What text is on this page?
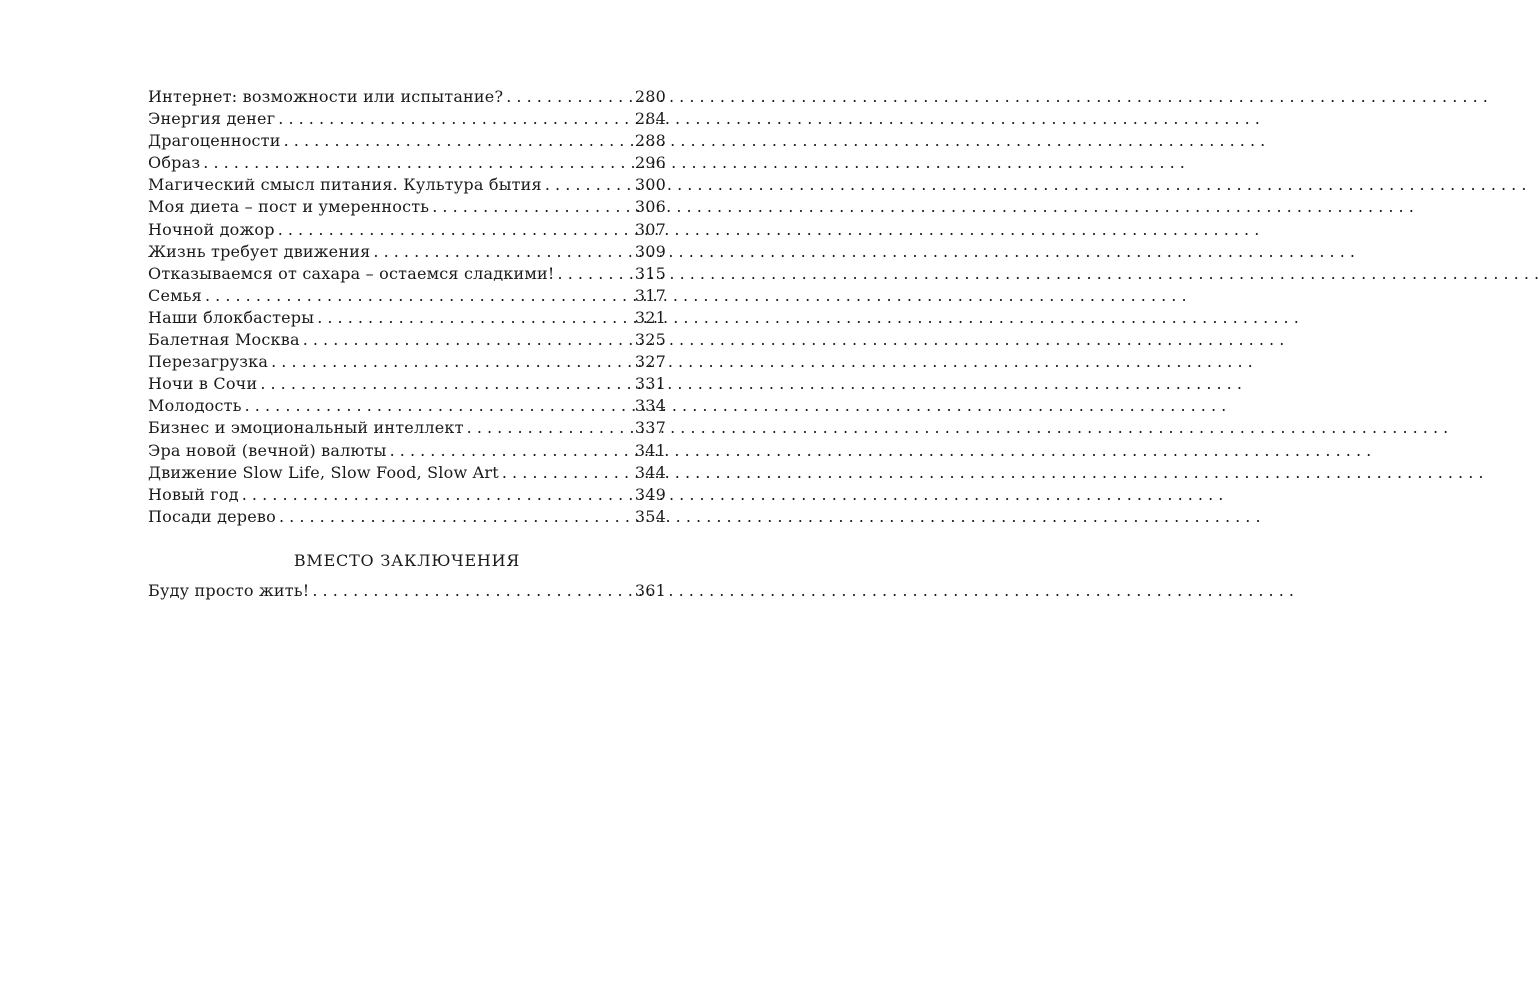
Интернет: возможности или испытание? . . .	280
Энергия денег . . .	284
Драгоценности . . .	288
Образ . . .	296
Магический смысл питания. Культура бытия . . .	300
Моя диета – пост и умеренность . . .	306
Ночной дожор . . .	307
Жизнь требует движения . . .	309
Отказываемся от сахара – остаемся сладкими! . . .	315
Семья . . .	317
Наши блокбастеры . . .	321
Балетная Москва . . .	325
Перезагрузка . . .	327
Ночи в Сочи . . .	331
Молодость . . .	334
Бизнес и эмоциональный интеллект . . .	337
Эра новой (вечной) валюты . . .	341
Движение Slow Life, Slow Food, Slow Art . . .	344
Новый год . . .	349
Посади дерево . . .	354
ВМЕСТО ЗАКЛЮЧЕНИЯ
Буду просто жить! . . .	361
